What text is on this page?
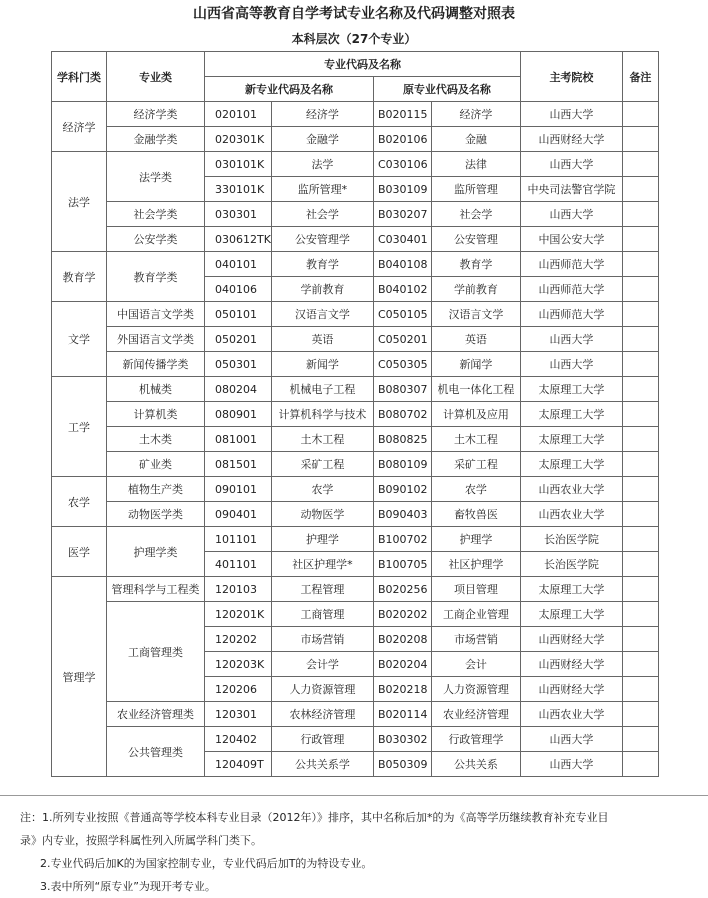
山西省高等教育自学考试专业名称及代码调整对照表
本科层次（27个专业）
学科门类	专业类	专业代码及名称				主考院校	备注
		新专业代码及名称		原专业代码及名称			
经济学	经济学类	020101	经济学	B020115	经济学	山西大学	
	金融学类	020301K	金融学	B020106	金融	山西财经大学	
法学	法学类	030101K	法学	C030106	法律	山西大学	
		330101K	监所管理*	B030109	监所管理	中央司法警官学院	
	社会学类	030301	社会学	B030207	社会学	山西大学	
	公安学类	030612TK	公安管理学	C030401	公安管理	中国公安大学	
教育学	教育学类	040101	教育学	B040108	教育学	山西师范大学	
		040106	学前教育	B040102	学前教育	山西师范大学	
文学	中国语言文学类	050101	汉语言文学	C050105	汉语言文学	山西师范大学	
	外国语言文学类	050201	英语	C050201	英语	山西大学	
	新闻传播学类	050301	新闻学	C050305	新闻学	山西大学	
工学	机械类	080204	机械电子工程	B080307	机电一体化工程	太原理工大学	
	计算机类	080901	计算机科学与技术	B080702	计算机及应用	太原理工大学	
	土木类	081001	土木工程	B080825	土木工程	太原理工大学	
	矿业类	081501	采矿工程	B080109	采矿工程	太原理工大学	
农学	植物生产类	090101	农学	B090102	农学	山西农业大学	
	动物医学类	090401	动物医学	B090403	畜牧兽医	山西农业大学	
医学	护理学类	101101	护理学	B100702	护理学	长治医学院	
		401101	社区护理学*	B100705	社区护理学	长治医学院	
管理学	管理科学与工程类	120103	工程管理	B020256	项目管理	太原理工大学	
	工商管理类	120201K	工商管理	B020202	工商企业管理	太原理工大学	
		120202	市场营销	B020208	市场营销	山西财经大学	
		120203K	会计学	B020204	会计	山西财经大学	
		120206	人力资源管理	B020218	人力资源管理	山西财经大学	
	农业经济管理类	120301	农林经济管理	B020114	农业经济管理	山西农业大学	
	公共管理类	120402	行政管理	B030302	行政管理学	山西大学	
		120409T	公共关系学	B050309	公共关系	山西大学	

注：1.所列专业按照《普通高等学校本科专业目录（2012年）》排序，其中名称后加*的为《高等学历继续教育补充专业目

录》内专业，按照学科属性列入所属学科门类下。

2.专业代码后加K的为国家控制专业，专业代码后加T的为特设专业。

3.表中所列“原专业”为现开考专业。
